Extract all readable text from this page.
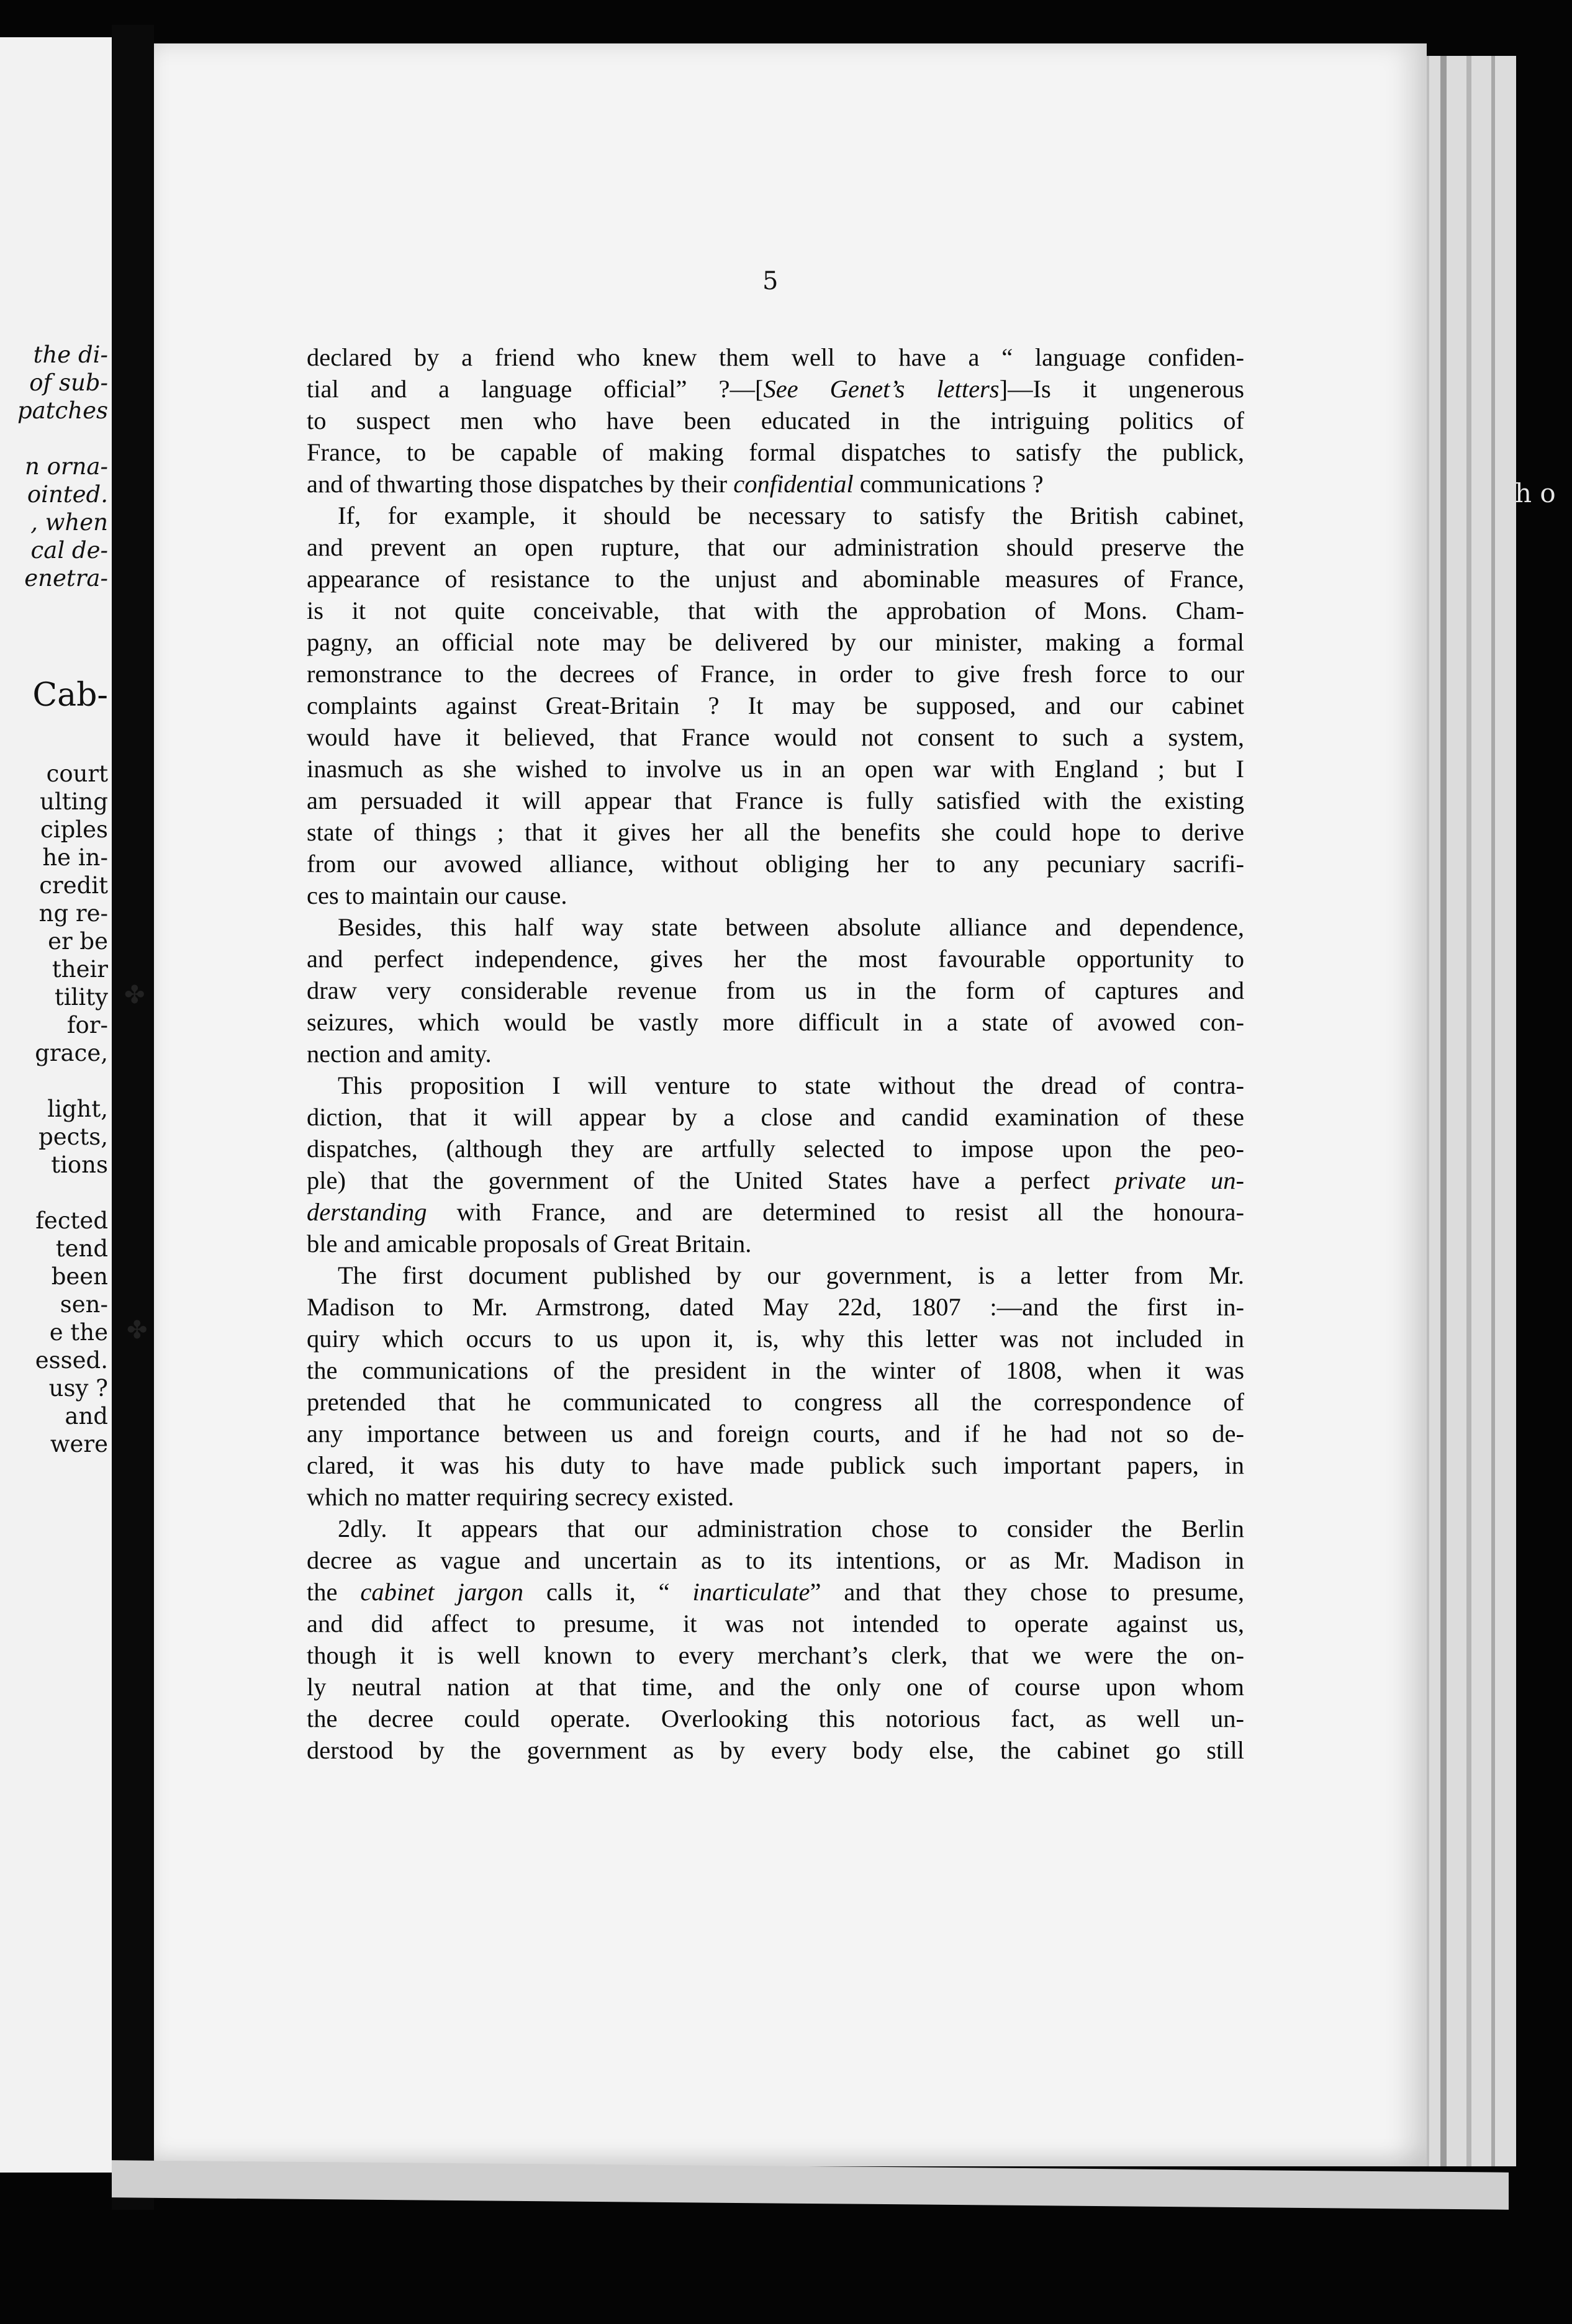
the di-
of sub-
patches
n orna-
ointed.
, when
cal de-
enetra-
Cab-
court
ulting
ciples
he in-
credit
ng re-
er be
their
tility
for-
grace,
light,
pects,
tions
fected
tend
been
sen-
e the
essed.
usy ?
and
were
✤
✤
5
h o
declared by a friend who knew them well to have a “ language confiden-
tial and a language official” ?—[See Genet’s letters]—Is it ungenerous
to suspect men who have been educated in the intriguing politics of
France, to be capable of making formal dispatches to satisfy the publick,
and of thwarting those dispatches by their confidential communications ?
If, for example, it should be necessary to satisfy the British cabinet,
and prevent an open rupture, that our administration should preserve the
appearance of resistance to the unjust and abominable measures of France,
is it not quite conceivable, that with the approbation of Mons. Cham-
pagny, an official note may be delivered by our minister, making a formal
remonstrance to the decrees of France, in order to give fresh force to our
complaints against Great-Britain ? It may be supposed, and our cabinet
would have it believed, that France would not consent to such a system,
inasmuch as she wished to involve us in an open war with England ; but I
am persuaded it will appear that France is fully satisfied with the existing
state of things ; that it gives her all the benefits she could hope to derive
from our avowed alliance, without obliging her to any pecuniary sacrifi-
ces to maintain our cause.
Besides, this half way state between absolute alliance and dependence,
and perfect independence, gives her the most favourable opportunity to
draw very considerable revenue from us in the form of captures and
seizures, which would be vastly more difficult in a state of avowed con-
nection and amity.
This proposition I will venture to state without the dread of contra-
diction, that it will appear by a close and candid examination of these
dispatches, (although they are artfully selected to impose upon the peo-
ple) that the government of the United States have a perfect private un-
derstanding with France, and are determined to resist all the honoura-
ble and amicable proposals of Great Britain.
The first document published by our government, is a letter from Mr.
Madison to Mr. Armstrong, dated May 22d, 1807 :—and the first in-
quiry which occurs to us upon it, is, why this letter was not included in
the communications of the president in the winter of 1808, when it was
pretended that he communicated to congress all the correspondence of
any importance between us and foreign courts, and if he had not so de-
clared, it was his duty to have made publick such important papers, in
which no matter requiring secrecy existed.
2dly. It appears that our administration chose to consider the Berlin
decree as vague and uncertain as to its intentions, or as Mr. Madison in
the cabinet jargon calls it, “ inarticulate” and that they chose to presume,
and did affect to presume, it was not intended to operate against us,
though it is well known to every merchant’s clerk, that we were the on-
ly neutral nation at that time, and the only one of course upon whom
the decree could operate. Overlooking this notorious fact, as well un-
derstood by the government as by every body else, the cabinet go still
